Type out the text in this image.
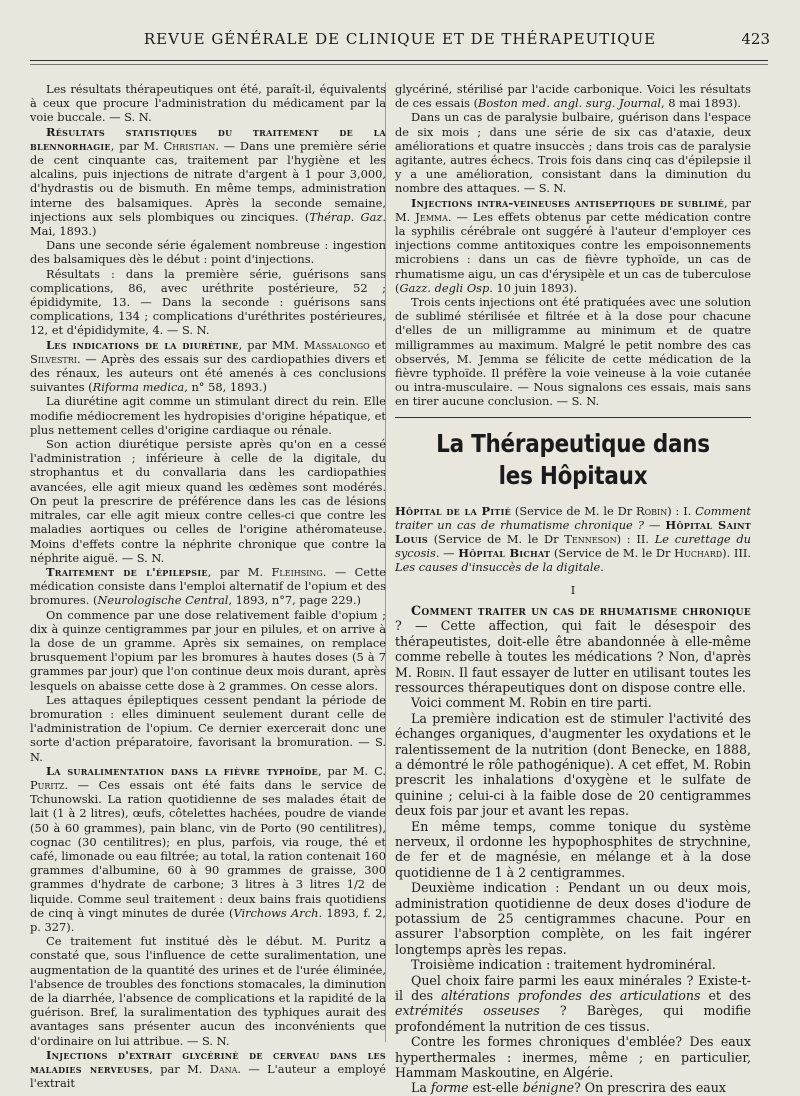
REVUE GÉNÉRALE DE CLINIQUE ET DE THÉRAPEUTIQUE	423

Les résultats thérapeutiques ont été, paraît-il, équivalents à ceux que procure l'administration du médicament par la voie buccale. — S. N.

Résultats statistiques du traitement de la blennorhagie, par M. Christian. — Dans une première série de cent cinquante cas, traitement par l'hygiène et les alcalins, puis injections de nitrate d'argent à 1 pour 3,000, d'hydrastis ou de bismuth. En même temps, administration interne des balsamiques. Après la seconde semaine, injections aux sels plombiques ou zinciques. (Thérap. Gaz. Mai, 1893.)

Dans une seconde série également nombreuse : ingestion des balsamiques dès le début : point d'injections.

Résultats : dans la première série, guérisons sans complications, 86, avec uréthrite postérieure, 52 ; épididymite, 13. — Dans la seconde : guérisons sans complications, 134 ; complications d'uréthrites postérieures, 12, et d'épididymite, 4. — S. N.

Les indications de la diurétine, par MM. Massalongo et Silvestri. — Après des essais sur des cardiopathies divers et des rénaux, les auteurs ont été amenés à ces conclusions suivantes (Riforma medica, n° 58, 1893.)

La diurétine agit comme un stimulant direct du rein. Elle modifie médiocrement les hydropisies d'origine hépatique, et plus nettement celles d'origine cardiaque ou rénale.

Son action diurétique persiste après qu'on en a cessé l'administration ; inférieure à celle de la digitale, du strophantus et du convallaria dans les cardiopathies avancées, elle agit mieux quand les œdèmes sont modérés. On peut la prescrire de préférence dans les cas de lésions mitrales, car elle agit mieux contre celles-ci que contre les maladies aortiques ou celles de l'origine athéromateuse. Moins d'effets contre la néphrite chronique que contre la néphrite aiguë. — S. N.

Traitement de l'épilepsie, par M. Fleihsing. — Cette médication consiste dans l'emploi alternatif de l'opium et des bromures. (Neurologische Central, 1893, n°7, page 229.)

On commence par une dose relativement faible d'opium ; dix à quinze centigrammes par jour en pilules, et on arrive à la dose de un gramme. Après six semaines, on remplace brusquement l'opium par les bromures à hautes doses (5 à 7 grammes par jour) que l'on continue deux mois durant, après lesquels on abaisse cette dose à 2 grammes. On cesse alors.

Les attaques épileptiques cessent pendant la période de bromuration : elles diminuent seulement durant celle de l'administration de l'opium. Ce dernier exercerait donc une sorte d'action préparatoire, favorisant la bromuration. — S. N.

La suralimentation dans la fièvre typhoïde, par M. C. Puritz. — Ces essais ont été faits dans le service de Tchunowski. La ration quotidienne de ses malades était de lait (1 à 2 litres), œufs, côtelettes hachées, poudre de viande (50 à 60 grammes), pain blanc, vin de Porto (90 centilitres), cognac (30 centilitres); en plus, parfois, via rouge, thé et café, limonade ou eau filtrée; au total, la ration contenait 160 grammes d'albumine, 60 à 90 grammes de graisse, 300 grammes d'hydrate de carbone; 3 litres à 3 litres 1/2 de liquide. Comme seul traitement : deux bains frais quotidiens de cinq à vingt minutes de durée (Virchows Arch. 1893, f. 2, p. 327).

Ce traitement fut institué dès le début. M. Puritz a constaté que, sous l'influence de cette suralimentation, une augmentation de la quantité des urines et de l'urée éliminée, l'absence de troubles des fonctions stomacales, la diminution de la diarrhée, l'absence de complications et la rapidité de la guérison. Bref, la suralimentation des typhiques aurait des avantages sans présenter aucun des inconvénients que d'ordinaire on lui attribue. — S. N.

Injections d'extrait glycériné de cerveau dans les maladies nerveuses, par M. Dana. — L'auteur a employé l'extrait

glycériné, stérilisé par l'acide carbonique. Voici les résultats de ces essais (Boston med. angl. surg. Journal, 8 mai 1893).

Dans un cas de paralysie bulbaire, guérison dans l'espace de six mois ; dans une série de six cas d'ataxie, deux améliorations et quatre insuccès ; dans trois cas de paralysie agitante, autres échecs. Trois fois dans cinq cas d'épilepsie il y a une amélioration, consistant dans la diminution du nombre des attaques. — S. N.

Injections intra-veineuses antiseptiques de sublimé, par M. Jemma. — Les effets obtenus par cette médication contre la syphilis cérébrale ont suggéré à l'auteur d'employer ces injections comme antitoxiques contre les empoisonnements microbiens : dans un cas de fièvre typhoïde, un cas de rhumatisme aigu, un cas d'érysipèle et un cas de tuberculose (Gazz. degli Osp. 10 juin 1893).

Trois cents injections ont été pratiquées avec une solution de sublimé stérilisée et filtrée et à la dose pour chacune d'elles de un milligramme au minimum et de quatre milligrammes au maximum. Malgré le petit nombre des cas observés, M. Jemma se félicite de cette médication de la fièvre typhoïde. Il préfère la voie veineuse à la voie cutanée ou intra-musculaire. — Nous signalons ces essais, mais sans en tirer aucune conclusion. — S. N.

La Thérapeutique dans les Hôpitaux

Hôpital de la Pitié (Service de M. le Dr Robin) : I. Comment traiter un cas de rhumatisme chronique ? — Hôpital Saint Louis (Service de M. le Dr Tenneson) : II. Le curettage du sycosis. — Hôpital Bichat (Service de M. le Dr Huchard). III. Les causes d'insuccès de la digitale.

I

Comment traiter un cas de rhumatisme chronique ? — Cette affection, qui fait le désespoir des thérapeutistes, doit-elle être abandonnée à elle-même comme rebelle à toutes les médications ? Non, d'après M. Robin. Il faut essayer de lutter en utilisant toutes les ressources thérapeutiques dont on dispose contre elle.

Voici comment M. Robin en tire parti.

La première indication est de stimuler l'activité des échanges organiques, d'augmenter les oxydations et le ralentissement de la nutrition (dont Benecke, en 1888, a démontré le rôle pathogénique). A cet effet, M. Robin prescrit les inhalations d'oxygène et le sulfate de quinine ; celui-ci à la faible dose de 20 centigrammes deux fois par jour et avant les repas.

En même temps, comme tonique du système nerveux, il ordonne les hypophosphites de strychnine, de fer et de magnésie, en mélange et à la dose quotidienne de 1 à 2 centigrammes.

Deuxième indication : Pendant un ou deux mois, administration quotidienne de deux doses d'iodure de potassium de 25 centigrammes chacune. Pour en assurer l'absorption complète, on les fait ingérer longtemps après les repas.

Troisième indication : traitement hydrominéral.

Quel choix faire parmi les eaux minérales ? Existe-t-il des altérations profondes des articulations et des extrémités osseuses ? Barèges, qui modifie profondément la nutrition de ces tissus.

Contre les formes chroniques d'emblée? Des eaux hyperthermales : inermes, même ; en particulier, Hammam Maskoutine, en Algérie.

La forme est-elle bénigne? On prescrira des eaux
